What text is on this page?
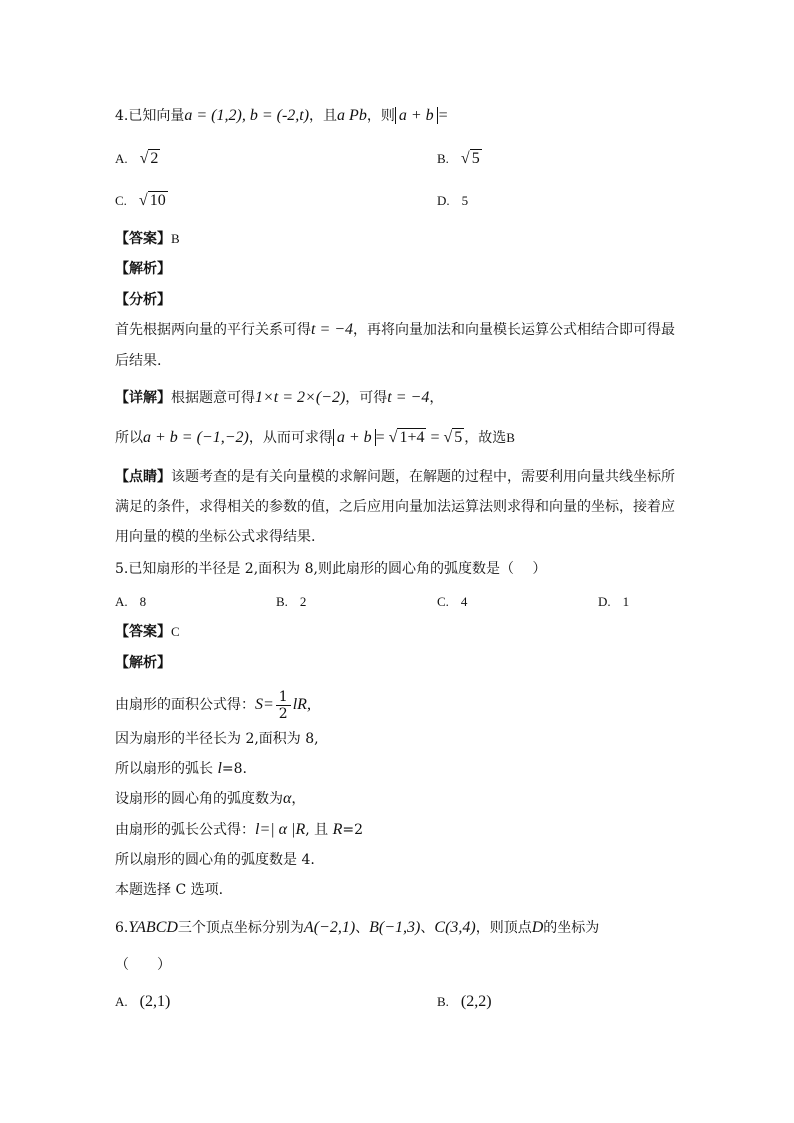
4.已知向量a = (1,2), b = (-2,t)，且a Pb，则 a + b =
A. √ 2	B. √ 5
C. √ 10	D. 5
【答案】B
【解析】
【分析】
首先根据两向量的平行关系可得t = −4，再将向量加法和向量模长运算公式相结合即可得最
后结果.
【详解】根据题意可得1×t = 2×(−2)，可得t = −4，
所以a + b = (−1,−2)，从而可求得 a + b = √ 1+4 = √ 5 ，故选B
【点睛】该题考查的是有关向量模的求解问题，在解题的过程中，需要利用向量共线坐标所
满足的条件，求得相关的参数的值，之后应用向量加法运算法则求得和向量的坐标，接着应
用向量的模的坐标公式求得结果.
5.已知扇形的半径是 2,面积为 8,则此扇形的圆心角的弧度数是（　 ）
A. 8	B. 2	C. 4	D. 1
【答案】C
【解析】
由扇形的面积公式得：$S= \frac{1}{2}$ lR,
因为扇形的半径长为 2,面积为 8,
所以扇形的弧长 l=8.
设扇形的圆心角的弧度数为α，
由扇形的弧长公式得：l=| α |R, 且 R=2
所以扇形的圆心角的弧度数是 4.
本题选择 C 选项.
6.YABCD三个顶点坐标分别为A(−2,1)、B(−1,3)、C(3,4)，则顶点D的坐标为
（　　）
A. (2,1)	B. (2,2)
